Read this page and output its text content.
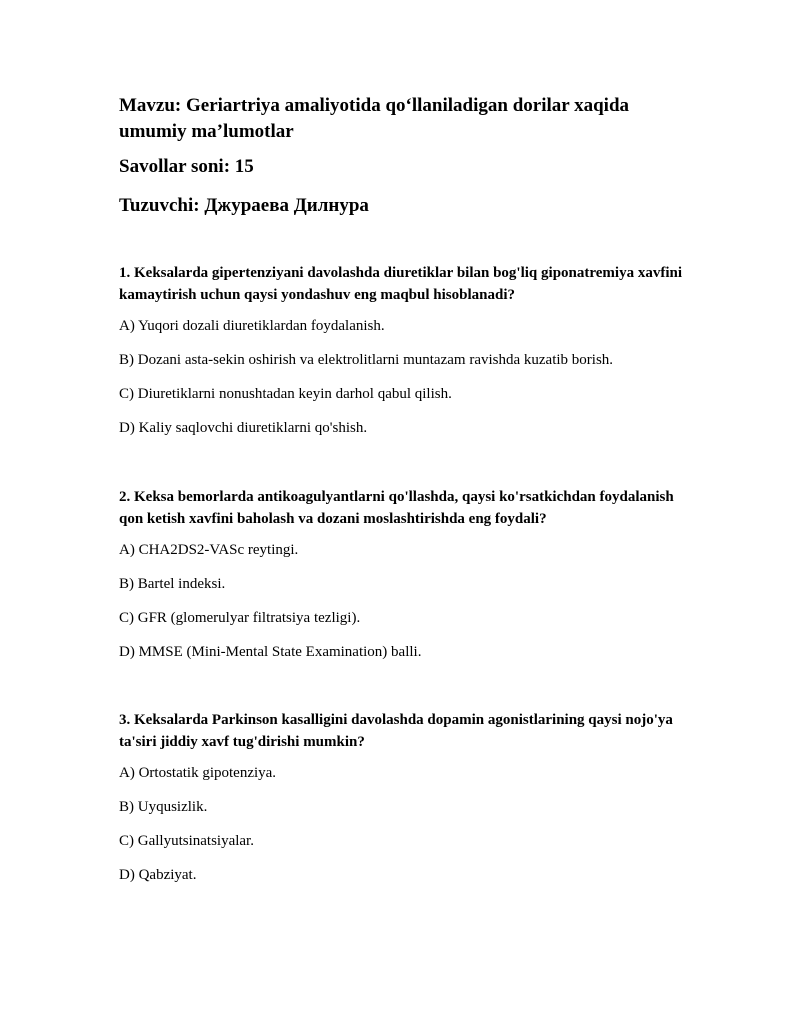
Mavzu: Geriartriya amaliyotida qo‘llaniladigan dorilar xaqida umumiy ma’lumotlar

Savollar soni: 15

Tuzuvchi: Джураева Дилнура

1. Keksalarda gipertenziyani davolashda diuretiklar bilan bog'liq giponatremiya xavfini kamaytirish uchun qaysi yondashuv eng maqbul hisoblanadi?

A) Yuqori dozali diuretiklardan foydalanish.

B) Dozani asta-sekin oshirish va elektrolitlarni muntazam ravishda kuzatib borish.

C) Diuretiklarni nonushtadan keyin darhol qabul qilish.

D) Kaliy saqlovchi diuretiklarni qo'shish.

2. Keksa bemorlarda antikoagulyantlarni qo'llashda, qaysi ko'rsatkichdan foydalanish qon ketish xavfini baholash va dozani moslashtirishda eng foydali?

A) CHA2DS2-VASc reytingi.

B) Bartel indeksi.

C) GFR (glomerulyar filtratsiya tezligi).

D) MMSE (Mini-Mental State Examination) balli.

3. Keksalarda Parkinson kasalligini davolashda dopamin agonistlarining qaysi nojo'ya ta'siri jiddiy xavf tug'dirishi mumkin?

A) Ortostatik gipotenziya.

B) Uyqusizlik.

C) Gallyutsinatsiyalar.

D) Qabziyat.
